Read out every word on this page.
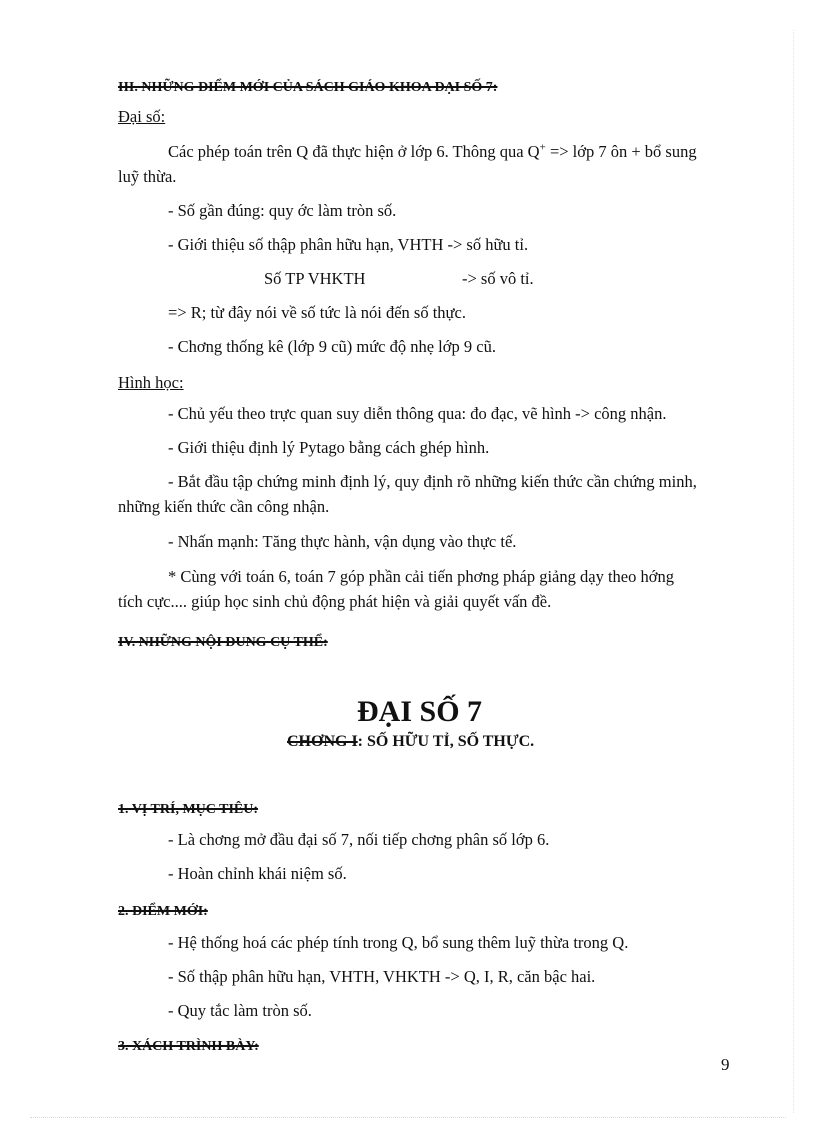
III. NHỮNG ĐIỂM MỚI CỦA SÁCH GIÁO KHOA ĐẠI SỐ 7:
Đại số:
Các phép toán trên Q đã thực hiện ở lớp 6. Thông qua Q+ => lớp 7 ôn + bổ sung
luỹ thừa.
- Số gần đúng: quy ớc làm tròn số.
- Giới thiệu số thập phân hữu hạn, VHTH -> số hữu tỉ.
Số TP VHKTH	-> số vô tỉ.
=> R; từ đây nói về số tức là nói đến số thực.
- Chơng thống kê (lớp 9 cũ) mức độ nhẹ lớp 9 cũ.
Hình học:
- Chủ yếu theo trực quan suy diễn thông qua: đo đạc, vẽ hình -> công nhận.
- Giới thiệu định lý Pytago bằng cách ghép hình.
- Bắt đầu tập chứng minh định lý, quy định rõ những kiến thức cần chứng minh,
những kiến thức cần công nhận.
- Nhấn mạnh: Tăng thực hành, vận dụng vào thực tế.
* Cùng với toán 6, toán 7 góp phần cải tiến phơng pháp giảng dạy theo hớng
tích cực.... giúp học sinh chủ động phát hiện và giải quyết vấn đề.
IV. NHỮNG NỘI DUNG CỤ THỂ:
ĐẠI SỐ 7
CHƠNG I: SỐ HỮU TỈ, SỐ THỰC.
1. VỊ TRÍ, MỤC TIÊU:
- Là chơng mở đầu đại số 7, nối tiếp chơng phân số lớp 6.
- Hoàn chỉnh khái niệm số.
2. ĐIỂM MỚI:
- Hệ thống hoá các phép tính trong Q, bổ sung thêm luỹ thừa trong Q.
- Số thập phân hữu hạn, VHTH, VHKTH -> Q, I, R, căn bậc hai.
- Quy tắc làm tròn số.
3. XÁCH TRÌNH BÀY:
9
